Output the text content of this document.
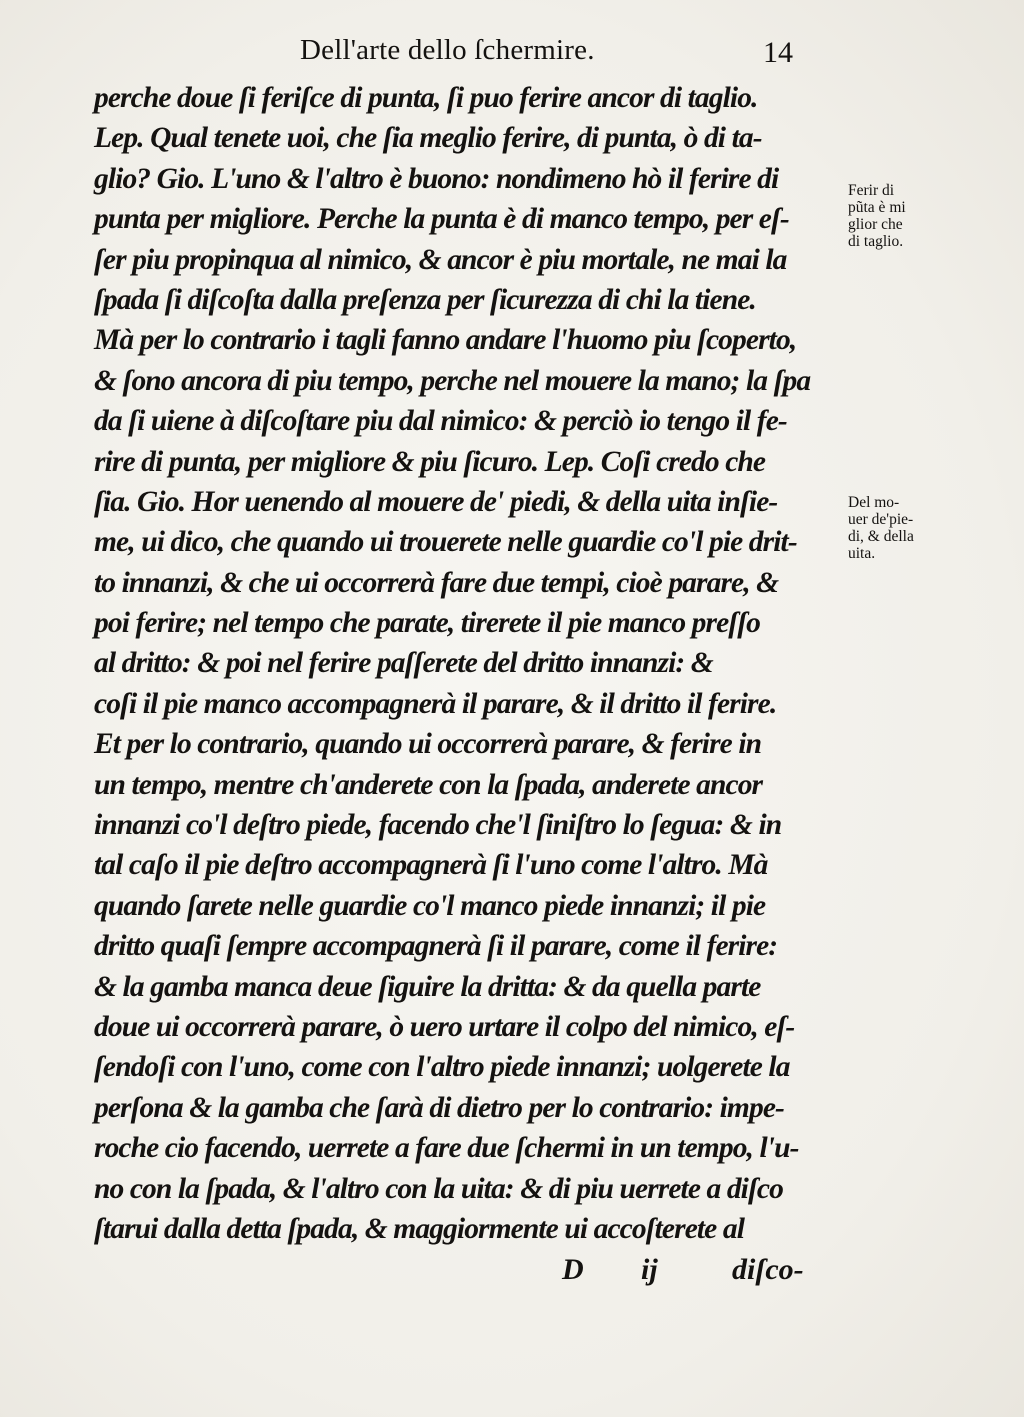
Dell'arte dello ſchermire.	14
perche doue ſi feriſce di punta, ſi puo ferire ancor di taglio.
Lep. Qual tenete uoi, che ſia meglio ferire, di punta, ò di ta-
glio? Gio. L'uno & l'altro è buono: nondimeno hò il ferire di
punta per migliore. Perche la punta è di manco tempo, per eſ-
ſer piu propinqua al nimico, & ancor è piu mortale, ne mai la
ſpada ſi diſcoſta dalla preſenza per ſicurezza di chi la tiene.
Mà per lo contrario i tagli fanno andare l'huomo piu ſcoperto,
& ſono ancora di piu tempo, perche nel mouere la mano; la ſpa
da ſi uiene à diſcoſtare piu dal nimico: & perciò io tengo il fe-
rire di punta, per migliore & piu ſicuro. Lep. Coſi credo che
ſia. Gio. Hor uenendo al mouere de' piedi, & della uita inſie-
me, ui dico, che quando ui trouerete nelle guardie co'l pie drit-
to innanzi, & che ui occorrerà fare due tempi, cioè parare, &
poi ferire; nel tempo che parate, tirerete il pie manco preſſo
al dritto: & poi nel ferire paſſerete del dritto innanzi: &
coſi il pie manco accompagnerà il parare, & il dritto il ferire.
Et per lo contrario, quando ui occorrerà parare, & ferire in
un tempo, mentre ch'anderete con la ſpada, anderete ancor
innanzi co'l deſtro piede, facendo che'l ſiniſtro lo ſegua: & in
tal caſo il pie deſtro accompagnerà ſi l'uno come l'altro. Mà
quando ſarete nelle guardie co'l manco piede innanzi; il pie
dritto quaſi ſempre accompagnerà ſi il parare, come il ferire:
& la gamba manca deue ſiguire la dritta: & da quella parte
doue ui occorrerà parare, ò uero urtare il colpo del nimico, eſ-
ſendoſi con l'uno, come con l'altro piede innanzi; uolgerete la
perſona & la gamba che ſarà di dietro per lo contrario: impe-
roche cio facendo, uerrete a fare due ſchermi in un tempo, l'u-
no con la ſpada, & l'altro con la uita: & di piu uerrete a diſco
ſtarui dalla detta ſpada, & maggiormente ui accoſterete al
Ferir di
pũta è mi
glior che
di taglio.
Del mo-
uer de'pie-
di, & della
uita.
D ij diſco-
